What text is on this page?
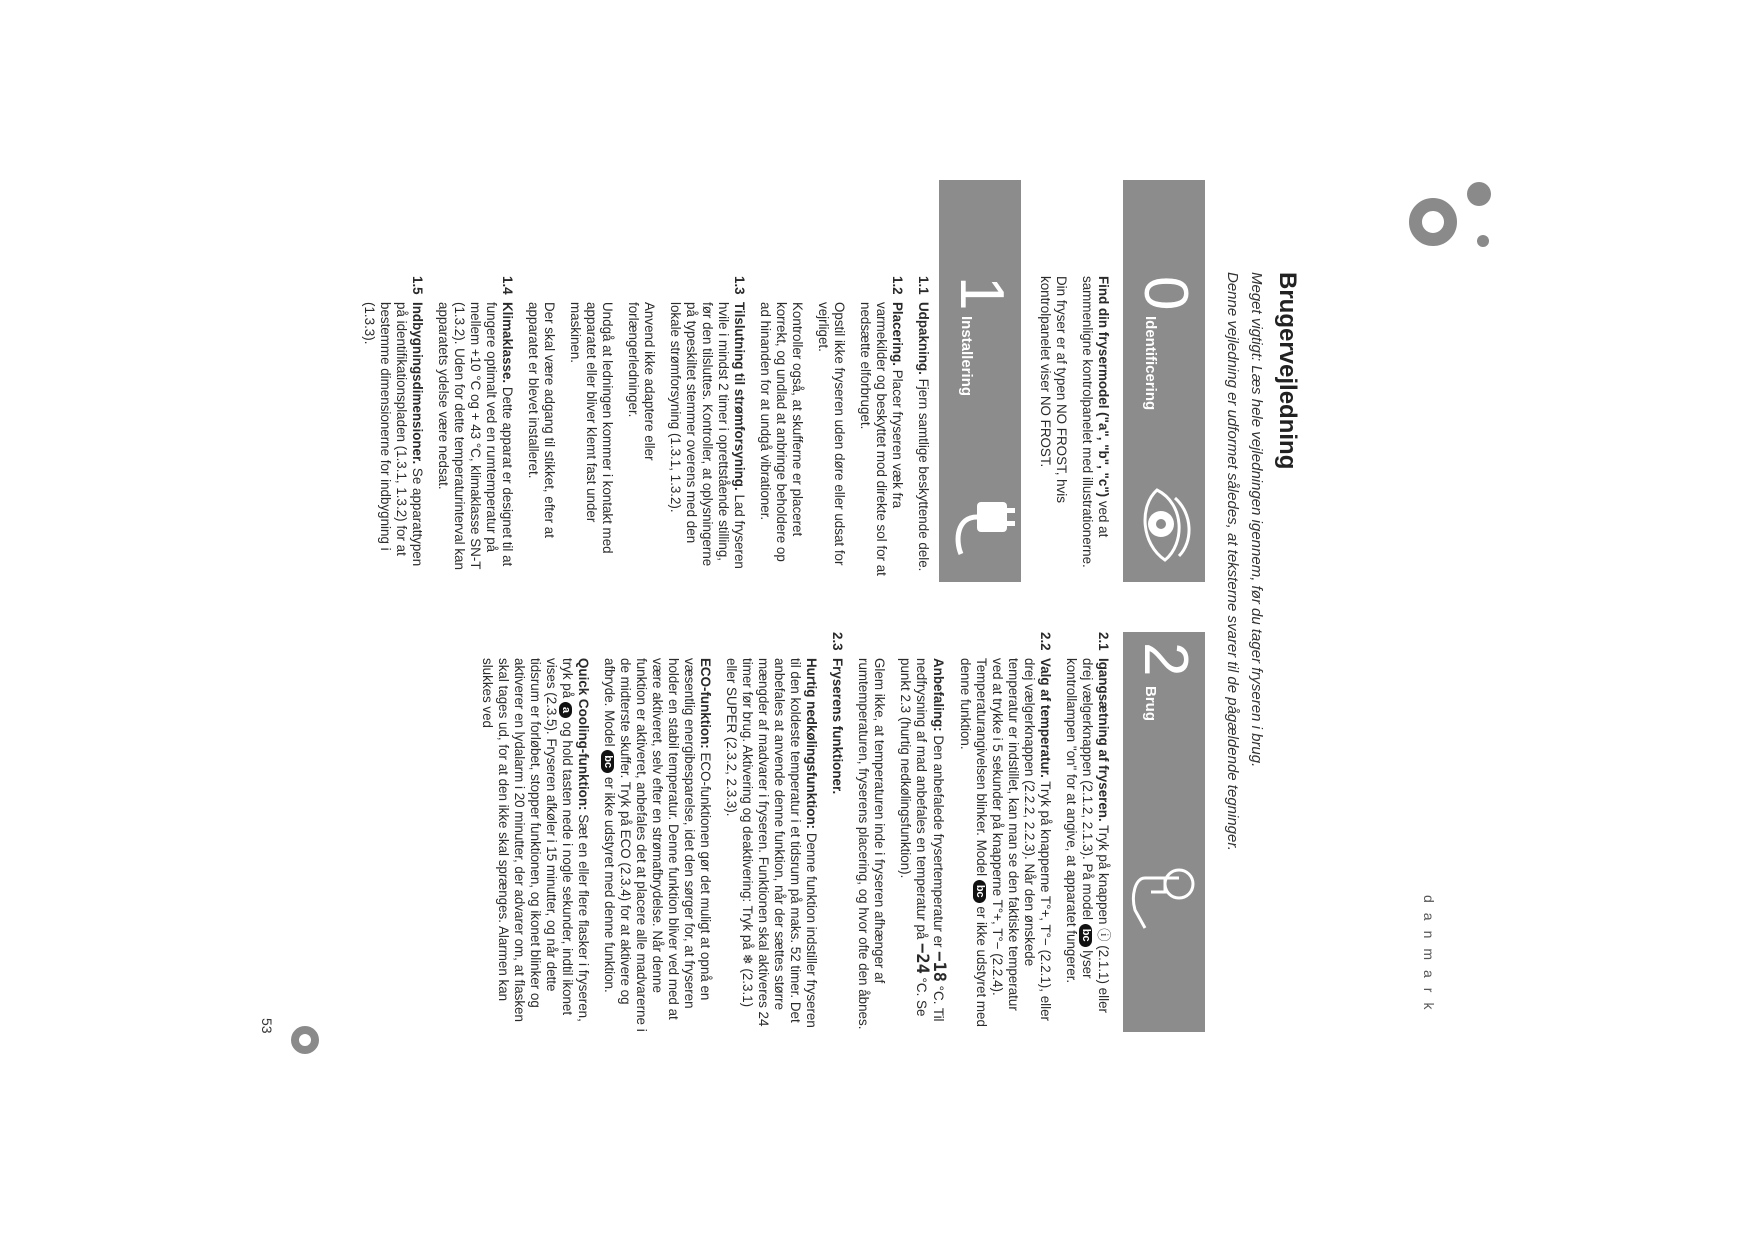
Brugervejledning
Meget vigtigt: Læs hele vejledningen igennem, før du tager fryseren i brug.
Denne vejledning er udformet således, at teksterne svarer til de pågældende tegninger.
danmark
0
Identificering
1
Installering
2
Brug

Find din frysermodel ("a", "b", "c") ved at sammenligne kontrolpanelet med illustrationerne.

Din fryser er af typen NO FROST, hvis kontrolpanelet viser NO FROST.

1.1

Udpakning. Fjern samtlige beskyttende dele.

1.2

Placering. Placer fryseren væk fra varmekilder og beskyttet mod direkte sol for at nedsætte elforbruget.

Opstil ikke fryseren uden døre eller udsat for vejrliget.

Kontroller også, at skufferne er placeret korrekt, og undlad at anbringe beholdere op ad hinanden for at undgå vibrationer.

1.3

Tilslutning til strømforsyning. Lad fryseren hvile i mindst 2 timer i oprettstående stilling, før den tilsluttes. Kontroller, at oplysningerne på typeskiltet stemmer overens med den lokale strømforsyning (1.3.1, 1.3.2).

Anvend ikke adaptere eller forlængerledninger.

Undgå at ledningen kommer i kontakt med apparatet eller bliver klemt fast under maskinen.

Der skal være adgang til stikket, efter at apparatet er blevet installeret.

1.4

Klimaklasse. Dette apparat er designet til at fungere optimalt ved en rumtemperatur på mellem +10 °C og + 43 °C, klimaklasse SN-T (1.3.2). Uden for dette temperaturinterval kan apparatets ydelse være nedsat.

1.5

Indbygningsdimensioner. Se apparattypen på identifikationspladen (1.3.1, 1.3.2) for at bestemme dimensionerne for indbygning i (1.3.3).

2.1

Igangsætning af fryseren. Tryk på knappen ⓘ (2.1.1) eller drej vælgerknappen (2.1.2, 2.1.3). På model bc lyser kontrollampen "on" for at angive, at apparatet fungerer.

2.2

Valg af temperatur. Tryk på knapperne T°+, T°− (2.2.1), eller drej vælgerknappen (2.2.2, 2.2.3). Når den ønskede temperatur er indstillet, kan man se den faktiske temperatur ved at trykke i 5 sekunder på knapperne T°+, T°− (2.2.4). Temperaturangivelsen blinker. Model bc er ikke udstyret med denne funktion.

Anbefaling: Den anbefalede frysertemperatur er −18 °C. Til nedfrysning af mad anbefales en temperatur på −24 °C. Se punkt 2.3 (hurtig nedkølingsfunktion).

Glem ikke, at temperaturen inde i fryseren afhænger af rumtemperaturen, fryserens placering, og hvor ofte den åbnes.

2.3

Fryserens funktioner.

Hurtig nedkølingsfunktion: Denne funktion indstiller fryseren til den koldeste temperatur i et tidsrum på maks. 52 timer. Det anbefales at anvende denne funktion, når der sættes større mængder af madvarer i fryseren. Funktionen skal aktiveres 24 timer før brug. Aktivering og deaktivering: Tryk på ❄ (2.3.1) eller SUPER (2.3.2, 2.3.3).

ECO-funktion: ECO-funktionen gør det muligt at opnå en væsentlig energibesparelse, idet den sørger for, at fryseren holder en stabil temperatur. Denne funktion bliver ved med at være aktiveret, selv efter en strømafbrydelse. Når denne funktion er aktiveret, anbefales det at placere alle madvarerne i de midterste skuffer. Tryk på ECO (2.3.4) for at aktivere og afbryde. Model bc er ikke udstyret med denne funktion.

Quick Cooling-funktion: Sæt en eller flere flasker i fryseren, tryk på a og hold tasten nede i nogle sekunder, indtil ikonet vises (2.3.5). Fryseren afkøler i 15 minutter, og når dette tidsrum er forløbet, stopper funktionen, og ikonet blinker og aktiverer en lydalarm i 20 minutter, der advarer om, at flasken skal tages ud, for at den ikke skal sprænges. Alarmen kan slukkes ved

53
